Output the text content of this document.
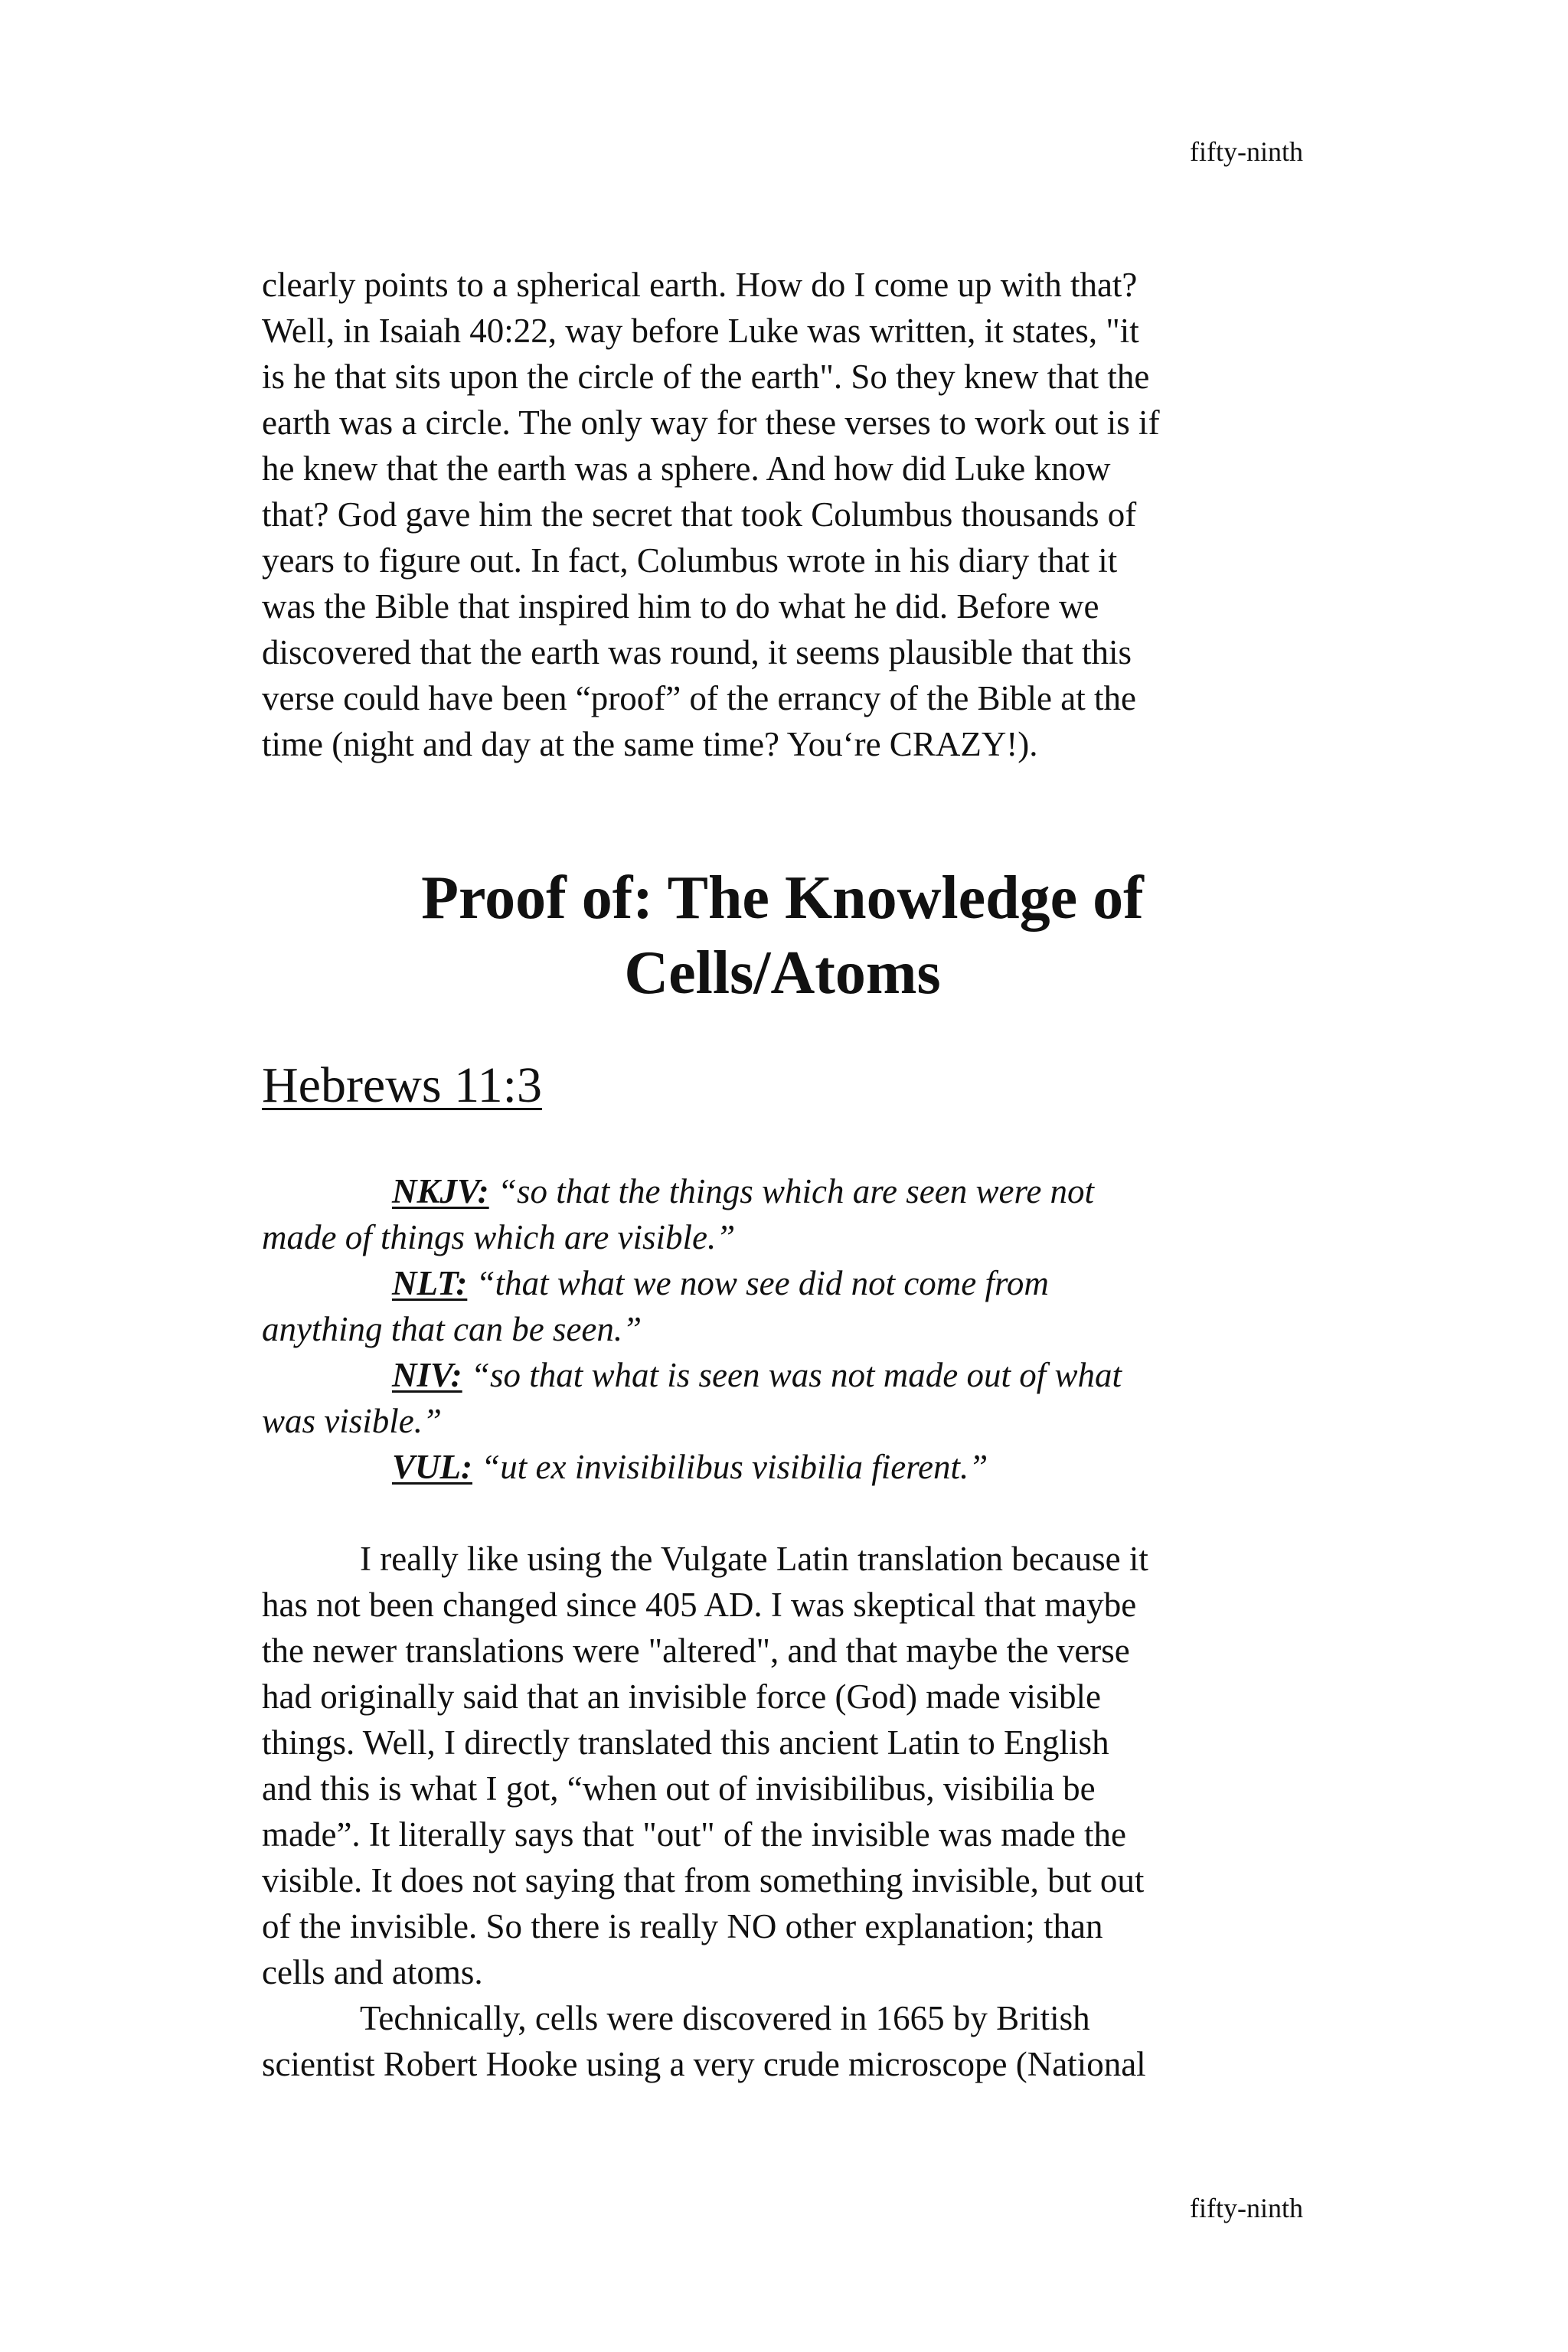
fifty-ninth
clearly points to a spherical earth. How do I come up with that?
Well, in Isaiah 40:22, way before Luke was written, it states, "it
is he that sits upon the circle of the earth". So they knew that the
earth was a circle. The only way for these verses to work out is if
he knew that the earth was a sphere. And how did Luke know
that? God gave him the secret that took Columbus thousands of
years to figure out. In fact, Columbus wrote in his diary that it
was the Bible that inspired him to do what he did. Before we
discovered that the earth was round, it seems plausible that this
verse could have been “proof” of the errancy of the Bible at the
time (night and day at the same time? You‘re CRAZY!).
Proof of: The Knowledge of
Cells/Atoms
Hebrews 11:3
NKJV: “so that the things which are seen were not
made of things which are visible.”
NLT: “that what we now see did not come from
anything that can be seen.”
NIV: “so that what is seen was not made out of what
was visible.”
VUL: “ut ex invisibilibus visibilia fierent.”
I really like using the Vulgate Latin translation because it
has not been changed since 405 AD. I was skeptical that maybe
the newer translations were "altered", and that maybe the verse
had originally said that an invisible force (God) made visible
things. Well, I directly translated this ancient Latin to English
and this is what I got, “when out of invisibilibus, visibilia be
made”. It literally says that "out" of the invisible was made the
visible. It does not saying that from something invisible, but out
of the invisible. So there is really NO other explanation; than
cells and atoms.
Technically, cells were discovered in 1665 by British
scientist Robert Hooke using a very crude microscope (National
fifty-ninth
